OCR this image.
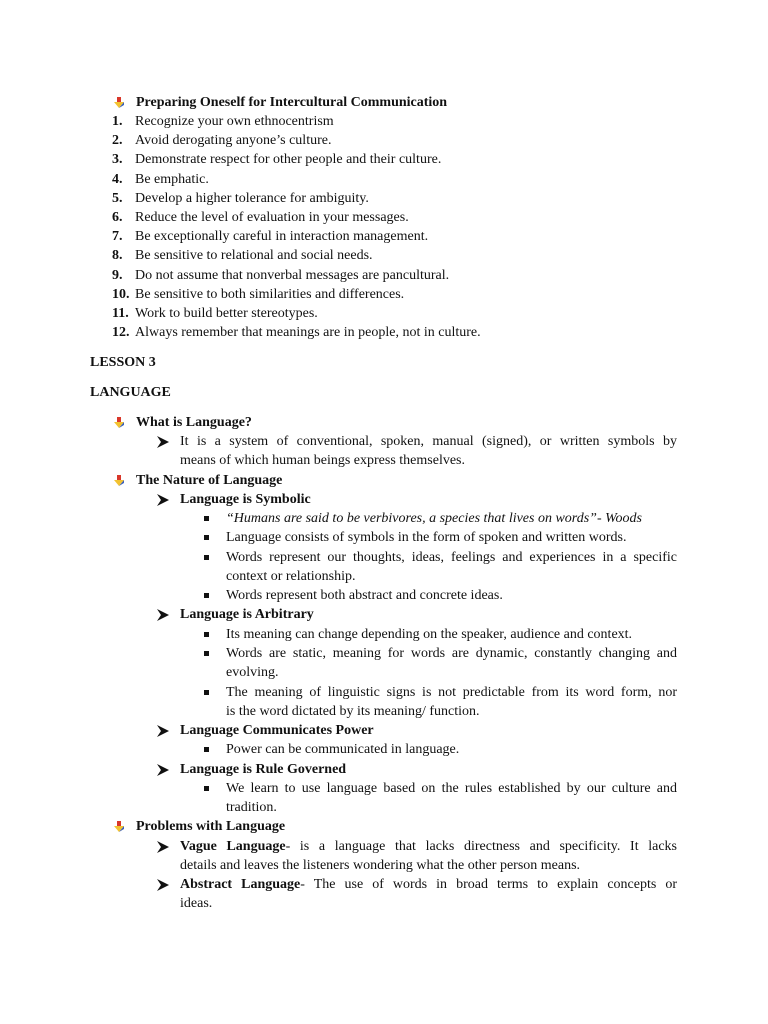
Preparing Oneself for Intercultural Communication
1. Recognize your own ethnocentrism
2. Avoid derogating anyone’s culture.
3. Demonstrate respect for other people and their culture.
4. Be emphatic.
5. Develop a higher tolerance for ambiguity.
6. Reduce the level of evaluation in your messages.
7. Be exceptionally careful in interaction management.
8. Be sensitive to relational and social needs.
9. Do not assume that nonverbal messages are pancultural.
10. Be sensitive to both similarities and differences.
11. Work to build better stereotypes.
12. Always remember that meanings are in people, not in culture.
LESSON 3
LANGUAGE
What is Language?
It is a system of conventional, spoken, manual (signed), or written symbols by
means of which human beings express themselves.
The Nature of Language
Language is Symbolic
“Humans are said to be verbivores, a species that lives on words”- Woods
Language consists of symbols in the form of spoken and written words.
Words represent our thoughts, ideas, feelings and experiences in a specific
context or relationship.
Words represent both abstract and concrete ideas.
Language is Arbitrary
Its meaning can change depending on the speaker, audience and context.
Words are static, meaning for words are dynamic, constantly changing and
evolving.
The meaning of linguistic signs is not predictable from its word form, nor
is the word dictated by its meaning/ function.
Language Communicates Power
Power can be communicated in language.
Language is Rule Governed
We learn to use language based on the rules established by our culture and
tradition.
Problems with Language
Vague Language- is a language that lacks directness and specificity. It lacks
details and leaves the listeners wondering what the other person means.
Abstract Language- The use of words in broad terms to explain concepts or
ideas.
